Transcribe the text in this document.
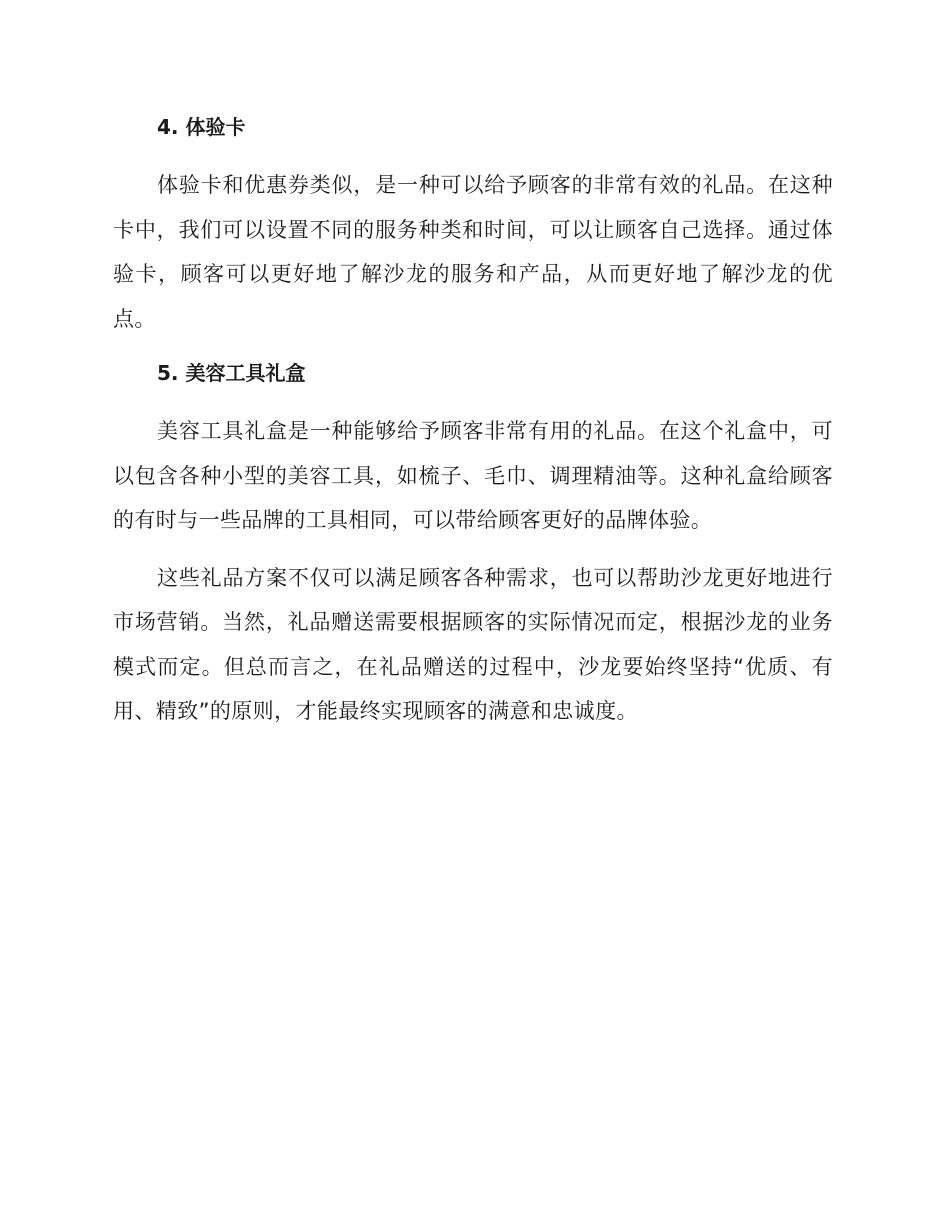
4. 体验卡

体验卡和优惠券类似，是一种可以给予顾客的非常有效的礼品。在这种卡中，我们可以设置不同的服务种类和时间，可以让顾客自己选择。通过体验卡，顾客可以更好地了解沙龙的服务和产品，从而更好地了解沙龙的优点。

5. 美容工具礼盒

美容工具礼盒是一种能够给予顾客非常有用的礼品。在这个礼盒中，可以包含各种小型的美容工具，如梳子、毛巾、调理精油等。这种礼盒给顾客的有时与一些品牌的工具相同，可以带给顾客更好的品牌体验。

这些礼品方案不仅可以满足顾客各种需求，也可以帮助沙龙更好地进行市场营销。当然，礼品赠送需要根据顾客的实际情况而定，根据沙龙的业务模式而定。但总而言之，在礼品赠送的过程中，沙龙要始终坚持“优质、有用、精致”的原则，才能最终实现顾客的满意和忠诚度。
